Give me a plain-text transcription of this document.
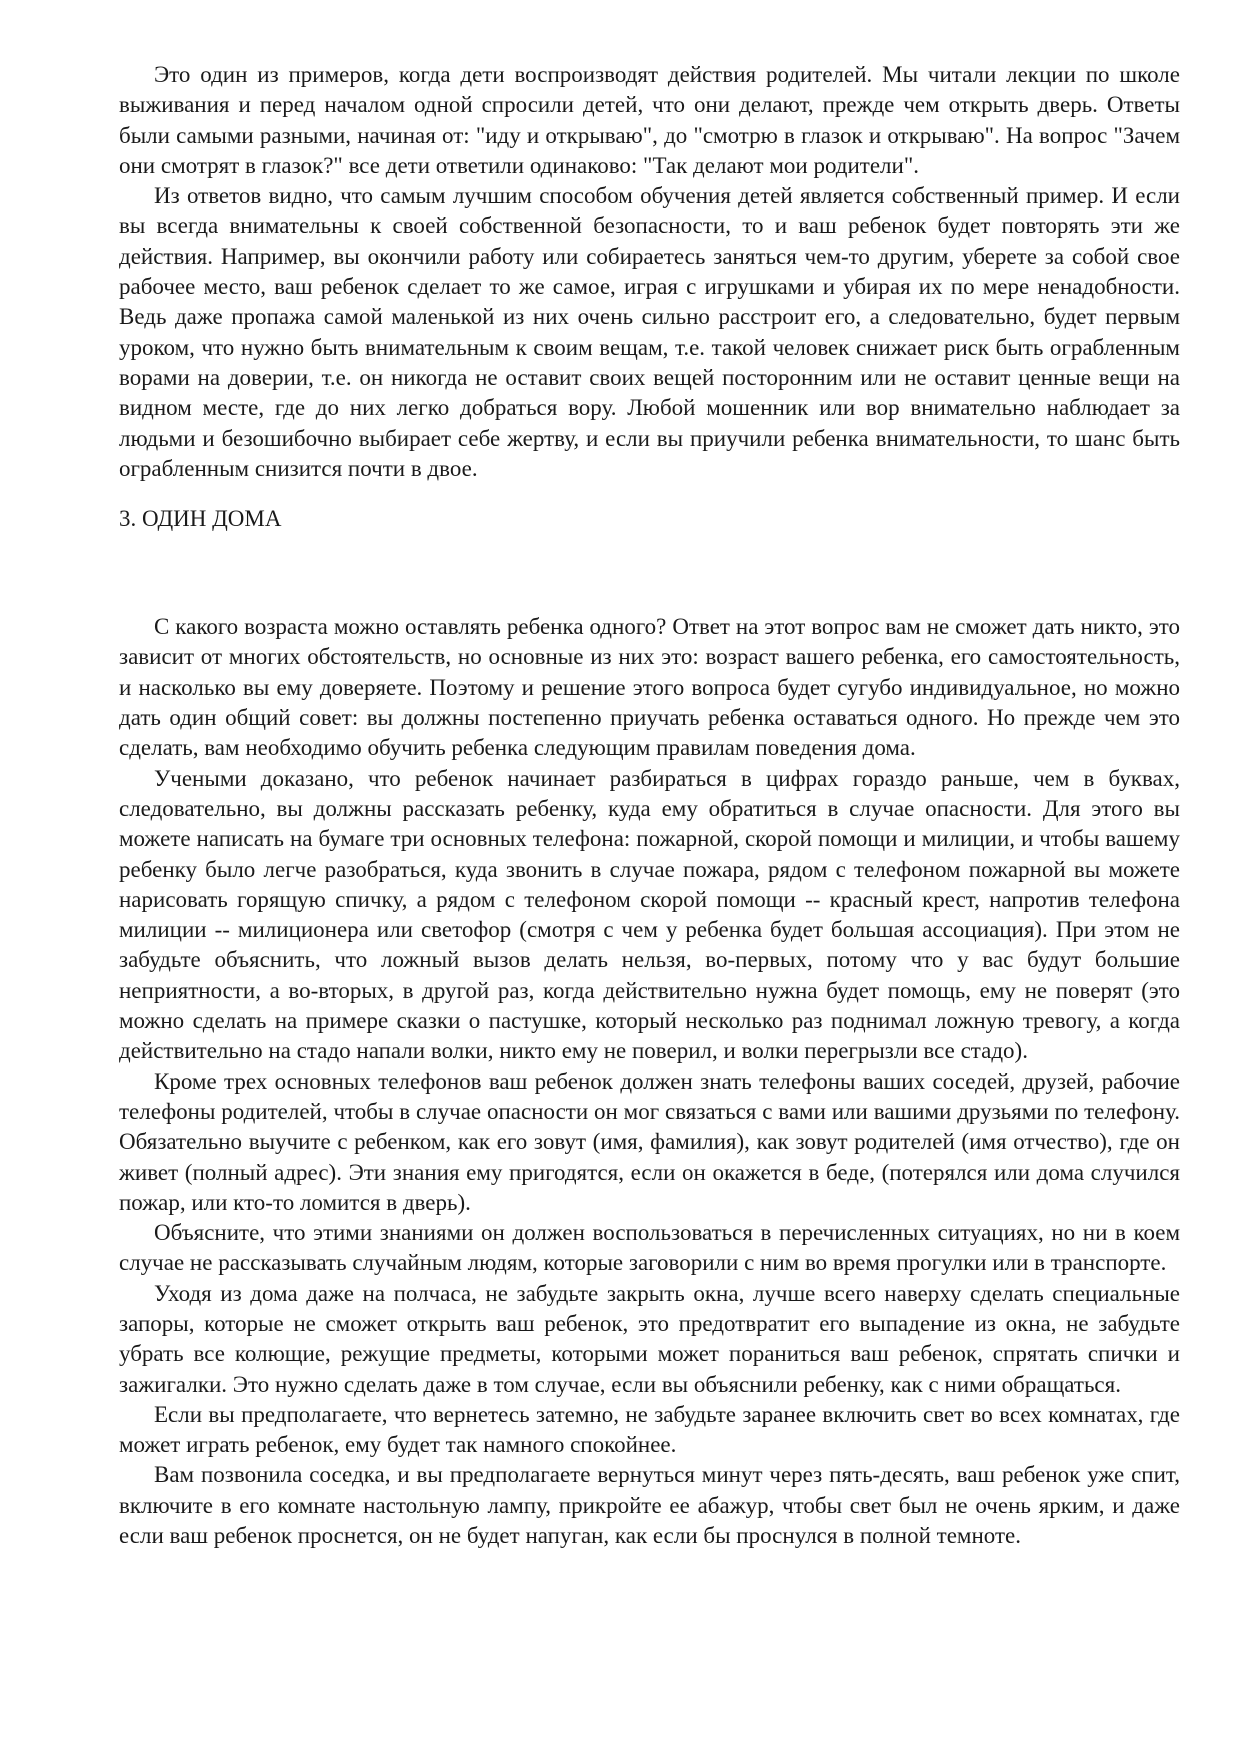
Это один из примеров, когда дети воспроизводят действия родителей. Мы читали лекции по школе выживания и перед началом одной спросили детей, что они делают, прежде чем открыть дверь. Ответы были самыми разными, начиная от: "иду и открываю", до "смотрю в глазок и открываю". На вопрос "Зачем они смотрят в глазок?" все дети ответили одинаково: "Так делают мои родители".

Из ответов видно, что самым лучшим способом обучения детей является собственный пример. И если вы всегда внимательны к своей собственной безопасности, то и ваш ребенок будет повторять эти же действия. Например, вы окончили работу или собираетесь заняться чем-то другим, уберете за собой свое рабочее место, ваш ребенок сделает то же самое, играя с игрушками и убирая их по мере ненадобности. Ведь даже пропажа самой маленькой из них очень сильно расстроит его, а следовательно, будет первым уроком, что нужно быть внимательным к своим вещам, т.е. такой человек снижает риск быть ограбленным ворами на доверии, т.е. он никогда не оставит своих вещей посторонним или не оставит ценные вещи на видном месте, где до них легко добраться вору. Любой мошенник или вор внимательно наблюдает за людьми и безошибочно выбирает себе жертву, и если вы приучили ребенка внимательности, то шанс быть ограбленным снизится почти в двое.

3. ОДИН ДОМА

С какого возраста можно оставлять ребенка одного? Ответ на этот вопрос вам не сможет дать никто, это зависит от многих обстоятельств, но основные из них это: возраст вашего ребенка, его самостоятельность, и насколько вы ему доверяете. Поэтому и решение этого вопроса будет сугубо индивидуальное, но можно дать один общий совет: вы должны постепенно приучать ребенка оставаться одного. Но прежде чем это сделать, вам необходимо обучить ребенка следующим правилам поведения дома.

Учеными доказано, что ребенок начинает разбираться в цифрах гораздо раньше, чем в буквах, следовательно, вы должны рассказать ребенку, куда ему обратиться в случае опасности. Для этого вы можете написать на бумаге три основных телефона: пожарной, скорой помощи и милиции, и чтобы вашему ребенку было легче разобраться, куда звонить в случае пожара, рядом с телефоном пожарной вы можете нарисовать горящую спичку, а рядом с телефоном скорой помощи -- красный крест, напротив телефона милиции -- милиционера или светофор (смотря с чем у ребенка будет большая ассоциация). При этом не забудьте объяснить, что ложный вызов делать нельзя, во-первых, потому что у вас будут большие неприятности, а во-вторых, в другой раз, когда действительно нужна будет помощь, ему не поверят (это можно сделать на примере сказки о пастушке, который несколько раз поднимал ложную тревогу, а когда действительно на стадо напали волки, никто ему не поверил, и волки перегрызли все стадо).

Кроме трех основных телефонов ваш ребенок должен знать телефоны ваших соседей, друзей, рабочие телефоны родителей, чтобы в случае опасности он мог связаться с вами или вашими друзьями по телефону. Обязательно выучите с ребенком, как его зовут (имя, фамилия), как зовут родителей (имя отчество), где он живет (полный адрес). Эти знания ему пригодятся, если он окажется в беде, (потерялся или дома случился пожар, или кто-то ломится в дверь).

Объясните, что этими знаниями он должен воспользоваться в перечисленных ситуациях, но ни в коем случае не рассказывать случайным людям, которые заговорили с ним во время прогулки или в транспорте.

Уходя из дома даже на полчаса, не забудьте закрыть окна, лучше всего наверху сделать специальные запоры, которые не сможет открыть ваш ребенок, это предотвратит его выпадение из окна, не забудьте убрать все колющие, режущие предметы, которыми может пораниться ваш ребенок, спрятать спички и зажигалки. Это нужно сделать даже в том случае, если вы объяснили ребенку, как с ними обращаться.

Если вы предполагаете, что вернетесь затемно, не забудьте заранее включить свет во всех комнатах, где может играть ребенок, ему будет так намного спокойнее.

Вам позвонила соседка, и вы предполагаете вернуться минут через пять-десять, ваш ребенок уже спит, включите в его комнате настольную лампу, прикройте ее абажур, чтобы свет был не очень ярким, и даже если ваш ребенок проснется, он не будет напуган, как если бы проснулся в полной темноте.
